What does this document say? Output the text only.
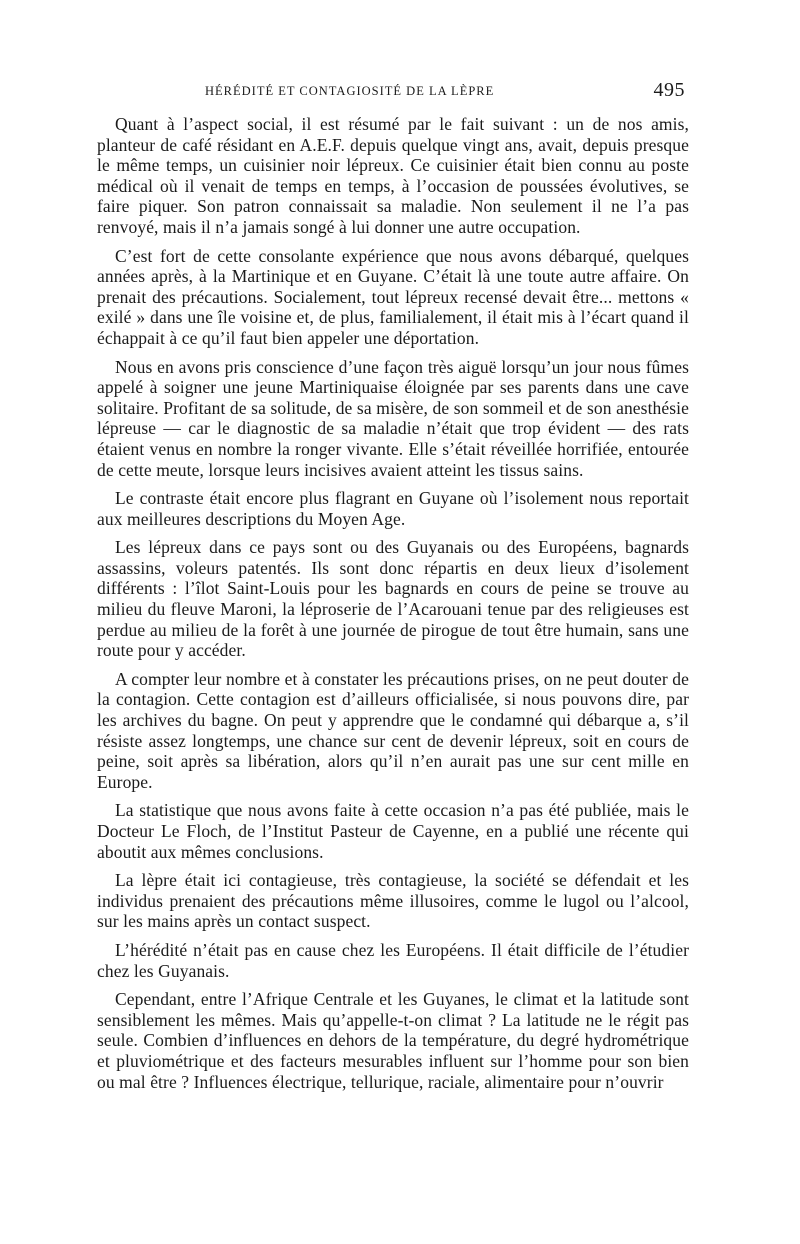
HÉRÉDITÉ ET CONTAGIOSITÉ DE LA LÈPRE	495

Quant à l’aspect social, il est résumé par le fait suivant : un de nos amis, planteur de café résidant en A.E.F. depuis quelque vingt ans, avait, depuis presque le même temps, un cuisinier noir lépreux. Ce cuisinier était bien connu au poste médical où il venait de temps en temps, à l’occasion de poussées évolutives, se faire piquer. Son patron connaissait sa maladie. Non seulement il ne l’a pas renvoyé, mais il n’a jamais songé à lui donner une autre occupation.

C’est fort de cette consolante expérience que nous avons débarqué, quelques années après, à la Martinique et en Guyane. C’était là une toute autre affaire. On prenait des précautions. Socialement, tout lépreux recensé devait être... mettons « exilé » dans une île voisine et, de plus, familialement, il était mis à l’écart quand il échappait à ce qu’il faut bien appeler une déportation.

Nous en avons pris conscience d’une façon très aiguë lorsqu’un jour nous fûmes appelé à soigner une jeune Martiniquaise éloignée par ses parents dans une cave solitaire. Profitant de sa solitude, de sa misère, de son sommeil et de son anesthésie lépreuse — car le diagnostic de sa maladie n’était que trop évident — des rats étaient venus en nombre la ronger vivante. Elle s’était réveillée horrifiée, entourée de cette meute, lorsque leurs incisives avaient atteint les tissus sains.

Le contraste était encore plus flagrant en Guyane où l’isolement nous reportait aux meilleures descriptions du Moyen Age.

Les lépreux dans ce pays sont ou des Guyanais ou des Européens, bagnards assassins, voleurs patentés. Ils sont donc répartis en deux lieux d’isolement différents : l’îlot Saint-Louis pour les bagnards en cours de peine se trouve au milieu du fleuve Maroni, la léproserie de l’Acarouani tenue par des religieuses est perdue au milieu de la forêt à une journée de pirogue de tout être humain, sans une route pour y accéder.

A compter leur nombre et à constater les précautions prises, on ne peut douter de la contagion. Cette contagion est d’ailleurs officialisée, si nous pouvons dire, par les archives du bagne. On peut y apprendre que le condamné qui débarque a, s’il résiste assez longtemps, une chance sur cent de devenir lépreux, soit en cours de peine, soit après sa libération, alors qu’il n’en aurait pas une sur cent mille en Europe.

La statistique que nous avons faite à cette occasion n’a pas été publiée, mais le Docteur Le Floch, de l’Institut Pasteur de Cayenne, en a publié une récente qui aboutit aux mêmes conclusions.

La lèpre était ici contagieuse, très contagieuse, la société se défendait et les individus prenaient des précautions même illusoires, comme le lugol ou l’alcool, sur les mains après un contact suspect.

L’hérédité n’était pas en cause chez les Européens. Il était difficile de l’étudier chez les Guyanais.

Cependant, entre l’Afrique Centrale et les Guyanes, le climat et la latitude sont sensiblement les mêmes. Mais qu’appelle-t-on climat ? La latitude ne le régit pas seule. Combien d’influences en dehors de la température, du degré hydrométrique et pluviométrique et des facteurs mesurables influent sur l’homme pour son bien ou mal être ? Influences électrique, tellurique, raciale, alimentaire pour n’ouvrir
